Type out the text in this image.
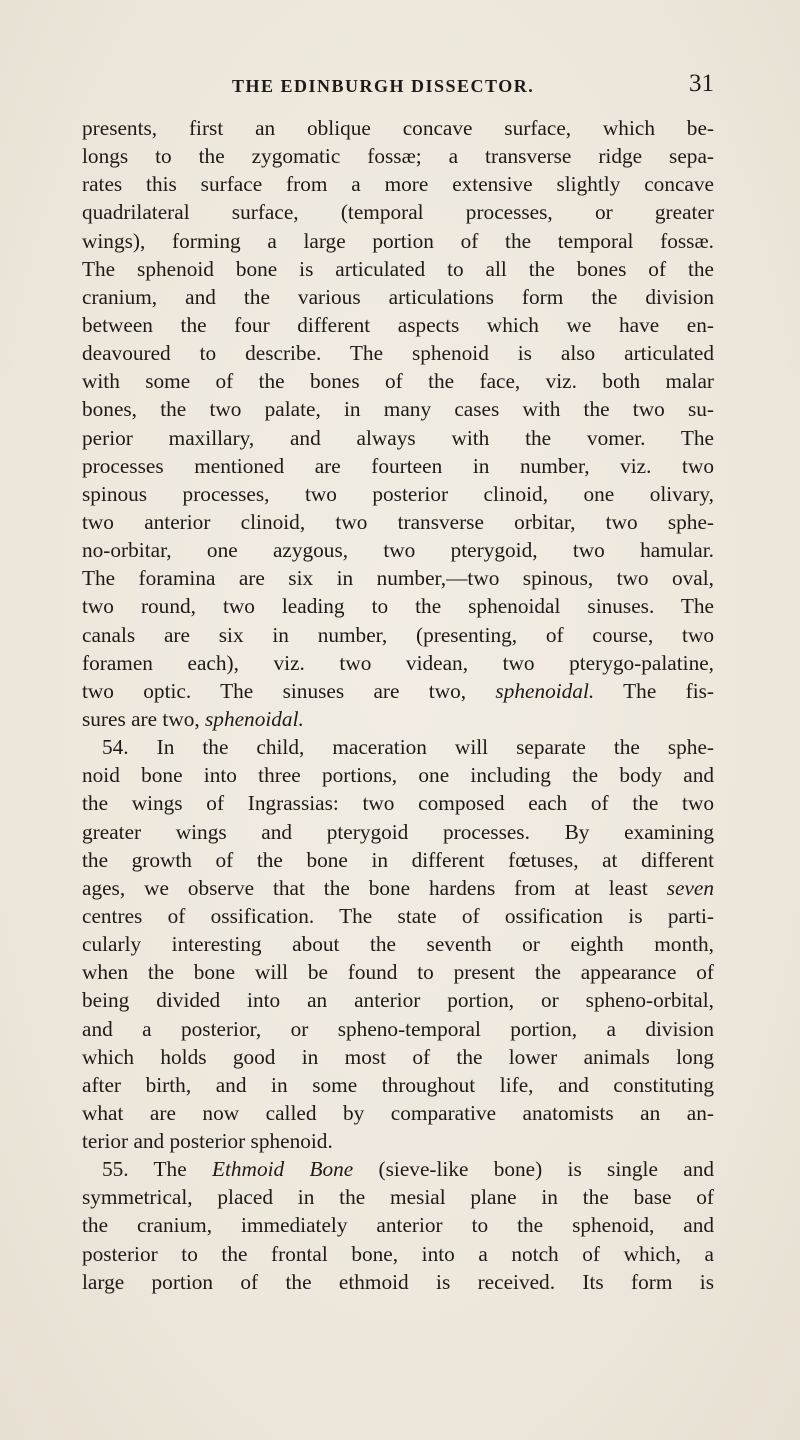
THE EDINBURGH DISSECTOR.	31
presents, first an oblique concave surface, which be-
longs to the zygomatic fossæ; a transverse ridge sepa-
rates this surface from a more extensive slightly concave
quadrilateral surface, (temporal processes, or greater
wings), forming a large portion of the temporal fossæ.
The sphenoid bone is articulated to all the bones of the
cranium, and the various articulations form the division
between the four different aspects which we have en-
deavoured to describe. The sphenoid is also articulated
with some of the bones of the face, viz. both malar
bones, the two palate, in many cases with the two su-
perior maxillary, and always with the vomer. The
processes mentioned are fourteen in number, viz. two
spinous processes, two posterior clinoid, one olivary,
two anterior clinoid, two transverse orbitar, two sphe-
no-orbitar, one azygous, two pterygoid, two hamular.
The foramina are six in number,—two spinous, two oval,
two round, two leading to the sphenoidal sinuses. The
canals are six in number, (presenting, of course, two
foramen each), viz. two videan, two pterygo-palatine,
two optic. The sinuses are two, sphenoidal. The fis-
sures are two, sphenoidal.
54. In the child, maceration will separate the sphe-
noid bone into three portions, one including the body and
the wings of Ingrassias: two composed each of the two
greater wings and pterygoid processes. By examining
the growth of the bone in different fœtuses, at different
ages, we observe that the bone hardens from at least seven
centres of ossification. The state of ossification is parti-
cularly interesting about the seventh or eighth month,
when the bone will be found to present the appearance of
being divided into an anterior portion, or spheno-orbital,
and a posterior, or spheno-temporal portion, a division
which holds good in most of the lower animals long
after birth, and in some throughout life, and constituting
what are now called by comparative anatomists an an-
terior and posterior sphenoid.
55. The Ethmoid Bone (sieve-like bone) is single and
symmetrical, placed in the mesial plane in the base of
the cranium, immediately anterior to the sphenoid, and
posterior to the frontal bone, into a notch of which, a
large portion of the ethmoid is received. Its form is
